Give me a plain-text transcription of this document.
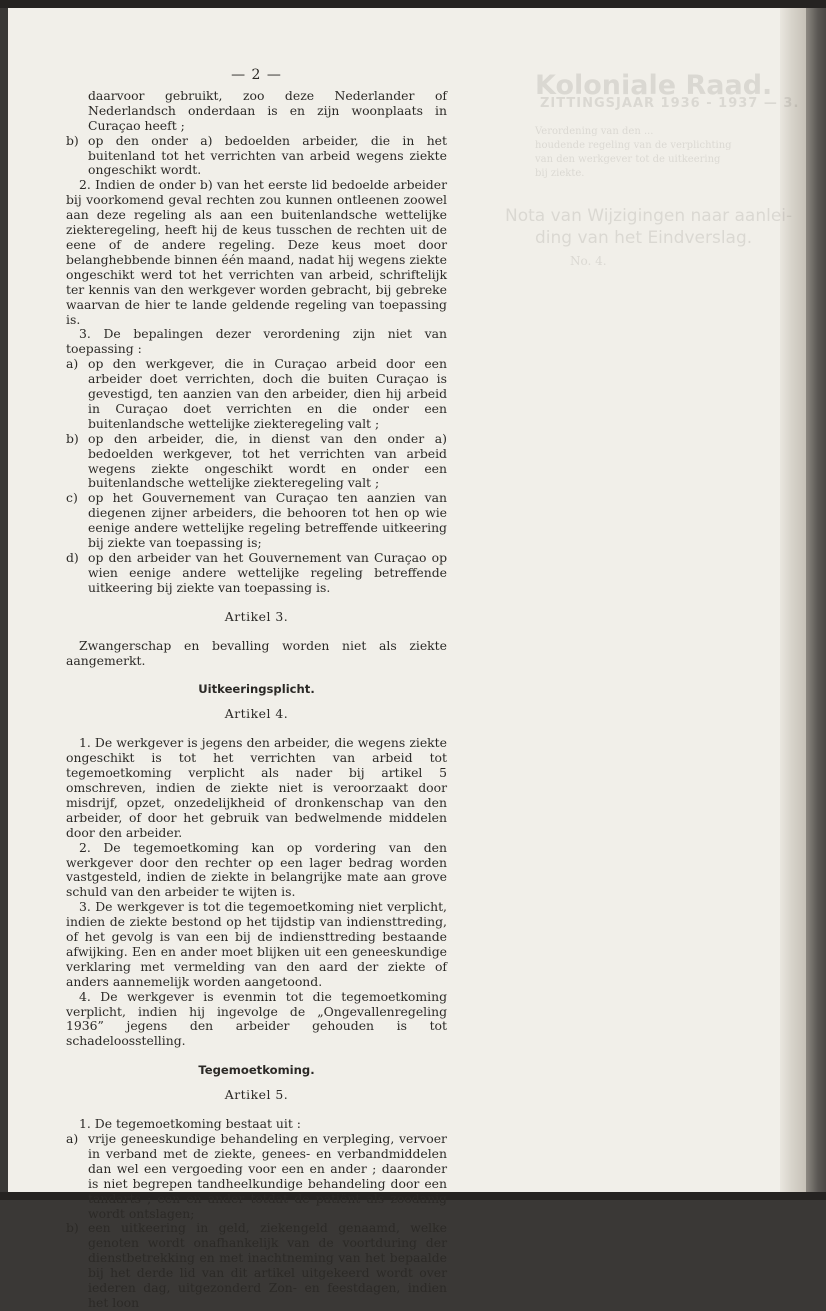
Koloniale Raad.
ZITTINGSJAAR 1936 - 1937 — 3.
Verordening van den ...
houdende regeling van de verplichting
van den werkgever tot de uitkeering
bij ziekte.
Nota van Wijzigingen naar aanlei-
ding van het Eindverslag.
No. 4.
— 2 —

daarvoor gebruikt, zoo deze Nederlander of Nederlandsch onderdaan is en zijn woonplaats in Curaçao heeft ;

b) op den onder a) bedoelden arbeider, die in het buitenland tot het verrichten van arbeid wegens ziekte ongeschikt wordt.

2. Indien de onder b) van het eerste lid bedoelde arbeider bij voorkomend geval rechten zou kunnen ontleenen zoowel aan deze regeling als aan een buitenlandsche wettelijke ziekteregeling, heeft hij de keus tusschen de rechten uit de eene of de andere regeling. Deze keus moet door belanghebbende binnen één maand, nadat hij wegens ziekte ongeschikt werd tot het verrichten van arbeid, schriftelijk ter kennis van den werkgever worden gebracht, bij gebreke waarvan de hier te lande geldende regeling van toepassing is.

3. De bepalingen dezer verordening zijn niet van toepassing :

a) op den werkgever, die in Curaçao arbeid door een arbeider doet verrichten, doch die buiten Curaçao is gevestigd, ten aanzien van den arbeider, dien hij arbeid in Curaçao doet verrichten en die onder een buitenlandsche wettelijke ziekteregeling valt ;
b) op den arbeider, die, in dienst van den onder a) bedoelden werkgever, tot het verrichten van arbeid wegens ziekte ongeschikt wordt en onder een buitenlandsche wettelijke ziekteregeling valt ;
c) op het Gouvernement van Curaçao ten aanzien van diegenen zijner arbeiders, die behooren tot hen op wie eenige andere wettelijke regeling betreffende uitkeering bij ziekte van toepassing is;
d) op den arbeider van het Gouvernement van Curaçao op wien eenige andere wettelijke regeling betreffende uitkeering bij ziekte van toepassing is.
Artikel 3.

Zwangerschap en bevalling worden niet als ziekte aangemerkt.

Uitkeeringsplicht.
Artikel 4.

1. De werkgever is jegens den arbeider, die wegens ziekte ongeschikt is tot het verrichten van arbeid tot tegemoetkoming verplicht als nader bij artikel 5 omschreven, indien de ziekte niet is veroorzaakt door misdrijf, opzet, onzedelijkheid of dronkenschap van den arbeider, of door het gebruik van bedwelmende middelen door den arbeider.

2. De tegemoetkoming kan op vordering van den werkgever door den rechter op een lager bedrag worden vastgesteld, indien de ziekte in belangrijke mate aan grove schuld van den arbeider te wijten is.

3. De werkgever is tot die tegemoetkoming niet verplicht, indien de ziekte bestond op het tijdstip van indiensttreding, of het gevolg is van een bij de indiensttreding bestaande afwijking. Een en ander moet blijken uit een geneeskundige verklaring met vermelding van den aard der ziekte of anders aannemelijk worden aangetoond.

4. De werkgever is evenmin tot die tegemoetkoming verplicht, indien hij ingevolge de „Ongevallenregeling 1936” jegens den arbeider gehouden is tot schadeloosstelling.

Tegemoetkoming.
Artikel 5.

1. De tegemoetkoming bestaat uit :

a) vrije geneeskundige behandeling en verpleging, vervoer in verband met de ziekte, genees- en verbandmiddelen dan wel een vergoeding voor een en ander ; daaronder is niet begrepen tandheelkundige behandeling door een tandarts ; een en ander totdat de patiënt als zoodanig wordt ontslagen;
b) een uitkeering in geld, ziekengeld genaamd, welke genoten wordt onafhankelijk van de voortduring der dienstbetrekking en met inachtneming van het bepaalde bij het derde lid van dit artikel uitgekeerd wordt over iederen dag, uitgezonderd Zon- en feestdagen, indien het loon
